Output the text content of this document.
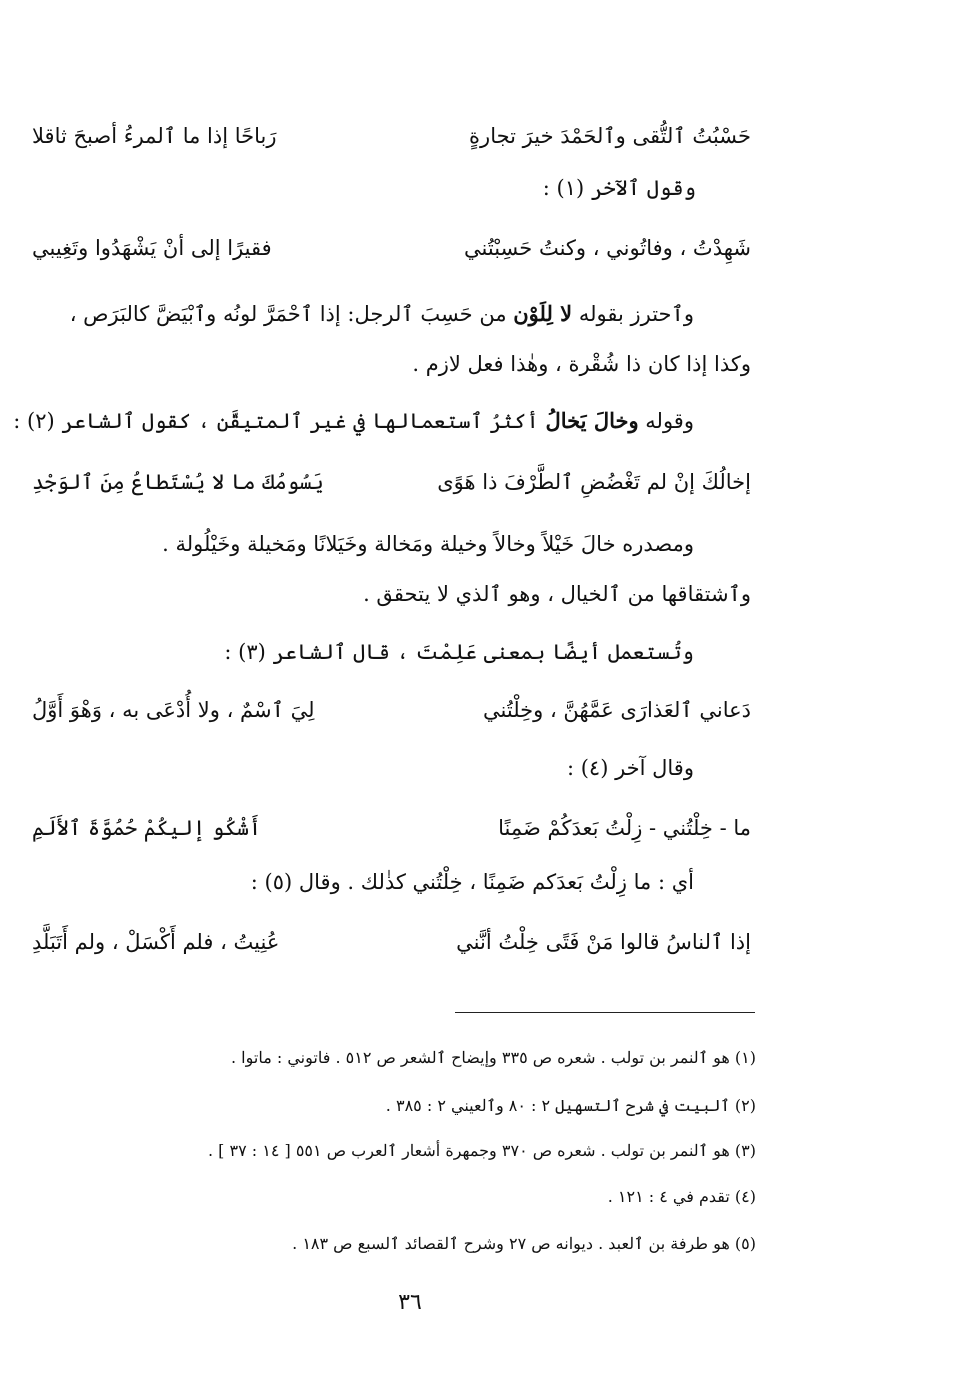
حَسْبُتُ ٱلتُّقى وٱلحَمْدَ خيرَ تجارةٍ
رَباحًا إذا ما ٱلمرءُ أصبحَ ثاقلا
وقول ٱلآخر (١) :
شَهِدْتُ ، وفاتُوني ، وكنتُ حَسِبْتُني
فقيرًا إلى أنْ يَشْهَدُوا وتَغِيبي
وٱحترز بقوله لا لِلَوْن من حَسِبَ ٱلرجل: إذا ٱحْمَرَّ لونُه وٱبْيَضَّ كالبَرَص ،
وكذا إذا كان ذا شُقْرة ، وهٰذا فعل لازم .
وقوله وخالَ يَخالُ أكثرُ ٱستعمالها في غير ٱلمتيقَّن ، كقول ٱلشاعر (٢) :
إخالُكَ إنْ لم تَغْضُضِ ٱلطَّرْفَ ذا هَوًى
يَسُومُكَ ما لا يُسْتَطاعُ مِنَ ٱلوَجْدِ
ومصدره خالَ خَيْلاً وخالاً وخيلة ومَخالة وخَيَلانًا ومَخيلة وخَيْلُولة .
وٱشتقاقها من ٱلخيال ، وهو ٱلذي لا يتحقق .
وتُستعمل أيضًا بمعنى عَلِمْتَ ، قال ٱلشاعر (٣) :
دَعاني ٱلعَذارَى عَمَّهُنَّ ، وخِلْتُني
لِيَ ٱسْمٌ ، ولا أُدْعَى به ، وَهْوَ أَوَّلُ
وقال آخر (٤) :
ما - خِلْتُني - زِلْتُ بَعدَكُمْ ضَمِنًا
أَشْكُو إليكُمْ حُمُوَّةَ ٱلأَلَمِ
أي : ما زِلْتُ بَعدَكم ضَمِنًا ، خِلْتُني كذٰلك . وقال (٥) :
إذا ٱلناسُ قالوا مَنْ فَتًى خِلْتُ أنَّني
عُنِيتُ ، فلم أَكْسَلْ ، ولم أَتَبَلَّدِ
(١) هو ٱلنمر بن تولب . شعره ص ٣٣٥ وإيضاح ٱلشعر ص ٥١٢ . فاتوني : ماتوا .
(٢) ٱلبيت في شرح ٱلتسهيل ٢ : ٨٠ وٱلعيني ٢ : ٣٨٥ .
(٣) هو ٱلنمر بن تولب . شعره ص ٣٧٠ وجمهرة أشعار ٱلعرب ص ٥٥١ [ ١٤ : ٣٧ ] .
(٤) تقدم في ٤ : ١٢١ .
(٥) هو طرفة بن ٱلعبد . ديوانه ص ٢٧ وشرح ٱلقصائد ٱلسبع ص ١٨٣ .
٣٦
